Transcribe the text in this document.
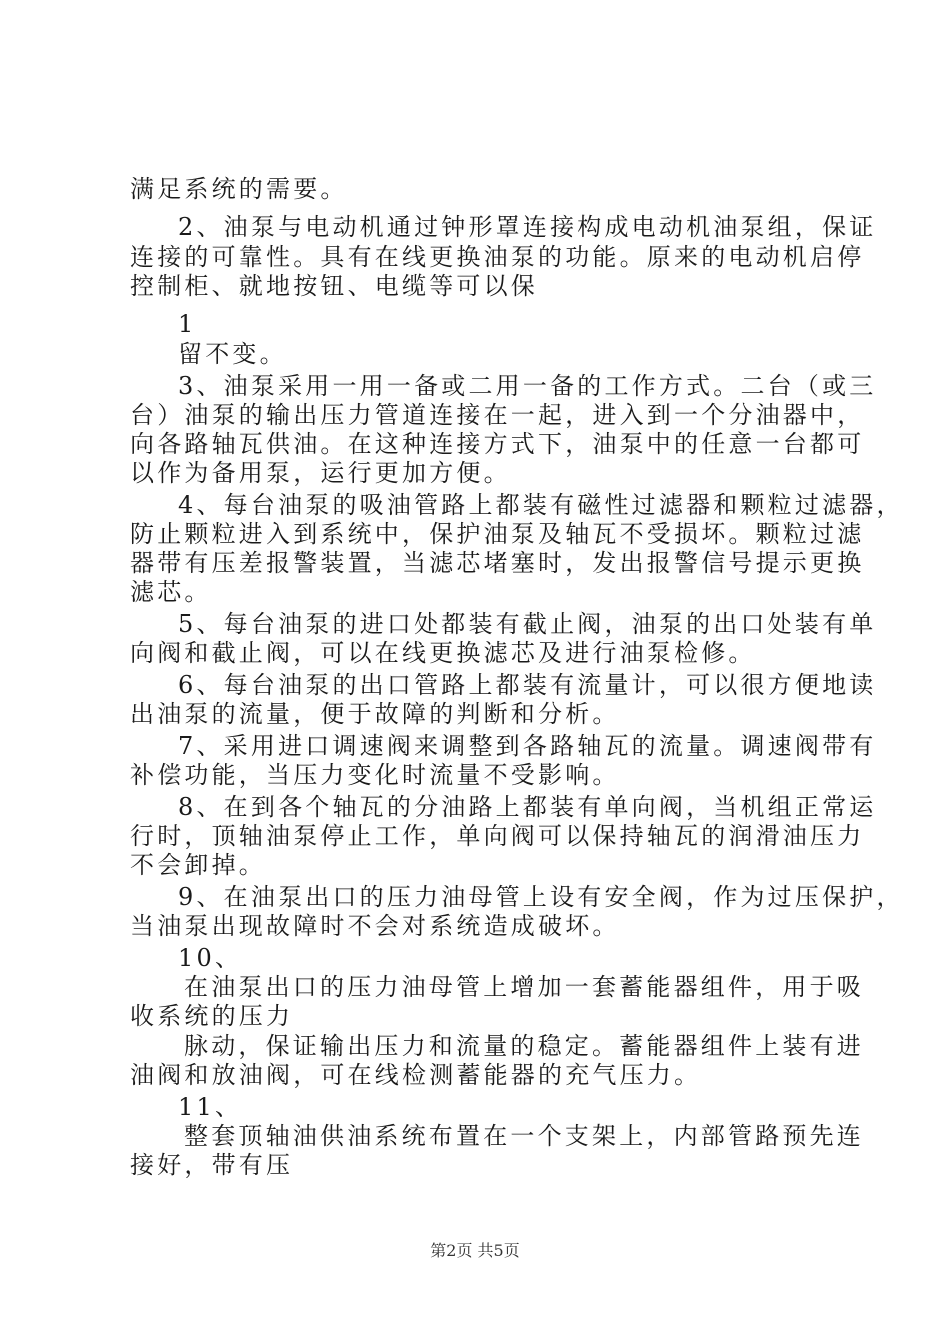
满足系统的需要。
2、油泵与电动机通过钟形罩连接构成电动机油泵组，保证
连接的可靠性。具有在线更换油泵的功能。原来的电动机启停
控制柜、就地按钮、电缆等可以保
1
留不变。
3、油泵采用一用一备或二用一备的工作方式。二台（或三
台）油泵的输出压力管道连接在一起，进入到一个分油器中，
向各路轴瓦供油。在这种连接方式下，油泵中的任意一台都可
以作为备用泵，运行更加方便。
4、每台油泵的吸油管路上都装有磁性过滤器和颗粒过滤器，
防止颗粒进入到系统中，保护油泵及轴瓦不受损坏。颗粒过滤
器带有压差报警装置，当滤芯堵塞时，发出报警信号提示更换
滤芯。
5、每台油泵的进口处都装有截止阀，油泵的出口处装有单
向阀和截止阀，可以在线更换滤芯及进行油泵检修。
6、每台油泵的出口管路上都装有流量计，可以很方便地读
出油泵的流量，便于故障的判断和分析。
7、采用进口调速阀来调整到各路轴瓦的流量。调速阀带有
补偿功能，当压力变化时流量不受影响。
8、在到各个轴瓦的分油路上都装有单向阀，当机组正常运
行时，顶轴油泵停止工作，单向阀可以保持轴瓦的润滑油压力
不会卸掉。
9、在油泵出口的压力油母管上设有安全阀，作为过压保护，
当油泵出现故障时不会对系统造成破坏。
10、
在油泵出口的压力油母管上增加一套蓄能器组件，用于吸
收系统的压力
脉动，保证输出压力和流量的稳定。蓄能器组件上装有进
油阀和放油阀，可在线检测蓄能器的充气压力。
11、
整套顶轴油供油系统布置在一个支架上，内部管路预先连
接好，带有压
第2页 共5页
